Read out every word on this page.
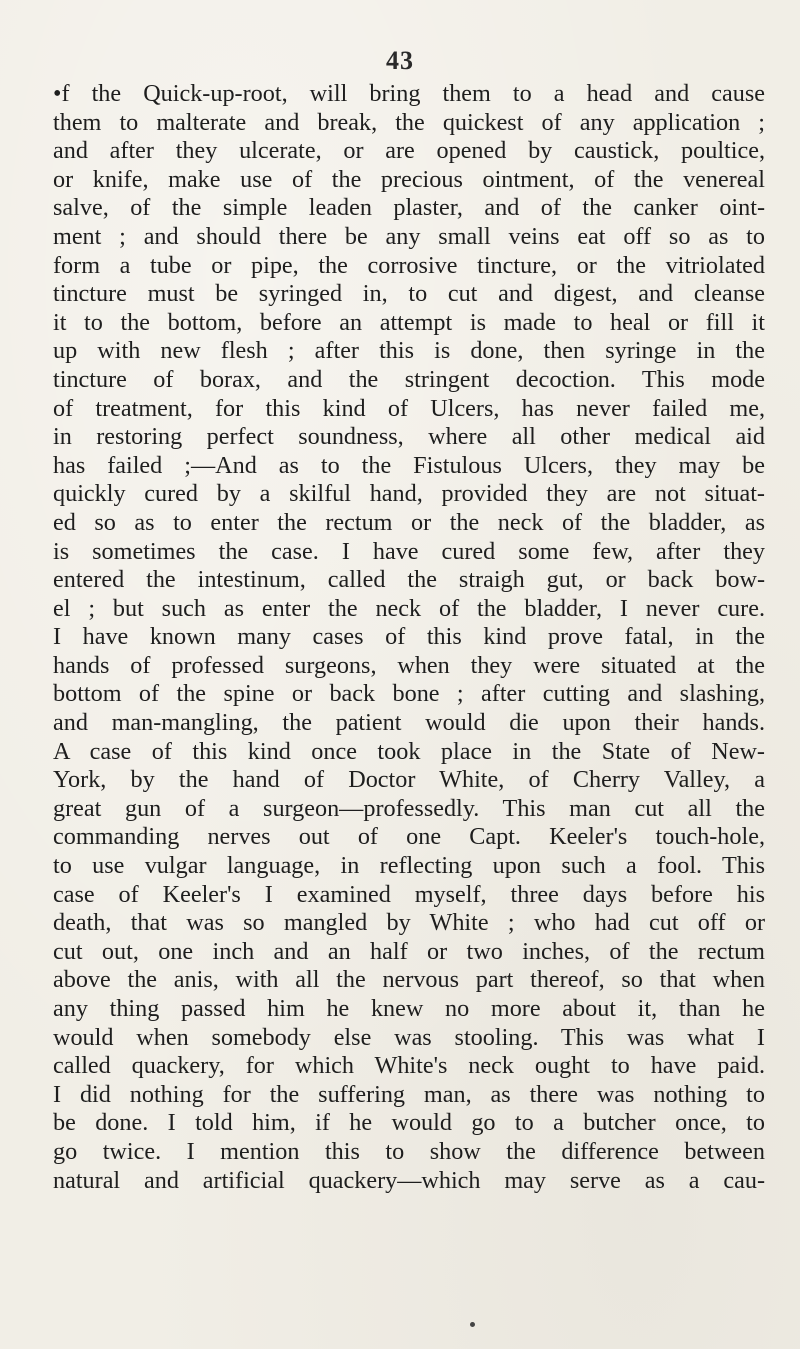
43
•f the Quick-up-root, will bring them to a head and cause
them to malterate and break, the quickest of any application ;
and after they ulcerate, or are opened by caustick, poultice,
or knife, make use of the precious ointment, of the venereal
salve, of the simple leaden plaster, and of the canker oint-
ment ; and should there be any small veins eat off so as to
form a tube or pipe, the corrosive tincture, or the vitriolated
tincture must be syringed in, to cut and digest, and cleanse
it to the bottom, before an attempt is made to heal or fill it
up with new flesh ; after this is done, then syringe in the
tincture of borax, and the stringent decoction. This mode
of treatment, for this kind of Ulcers, has never failed me,
in restoring perfect soundness, where all other medical aid
has failed ;—And as to the Fistulous Ulcers, they may be
quickly cured by a skilful hand, provided they are not situat-
ed so as to enter the rectum or the neck of the bladder, as
is sometimes the case. I have cured some few, after they
entered the intestinum, called the straigh gut, or back bow-
el ; but such as enter the neck of the bladder, I never cure.
I have known many cases of this kind prove fatal, in the
hands of professed surgeons, when they were situated at the
bottom of the spine or back bone ; after cutting and slashing,
and man-mangling, the patient would die upon their hands.
A case of this kind once took place in the State of New-
York, by the hand of Doctor White, of Cherry Valley, a
great gun of a surgeon—professedly. This man cut all the
commanding nerves out of one Capt. Keeler's touch-hole,
to use vulgar language, in reflecting upon such a fool. This
case of Keeler's I examined myself, three days before his
death, that was so mangled by White ; who had cut off or
cut out, one inch and an half or two inches, of the rectum
above the anis, with all the nervous part thereof, so that when
any thing passed him he knew no more about it, than he
would when somebody else was stooling. This was what I
called quackery, for which White's neck ought to have paid.
I did nothing for the suffering man, as there was nothing to
be done. I told him, if he would go to a butcher once, to
go twice. I mention this to show the difference between
natural and artificial quackery—which may serve as a cau-
